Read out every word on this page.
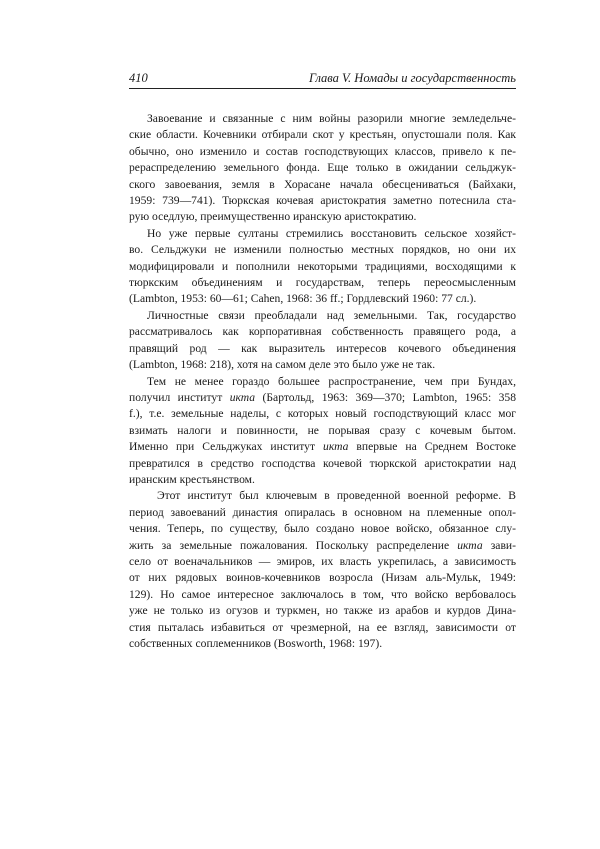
410	Глава V. Номады и государственность
Завоевание и связанные с ним войны разорили многие земледельче-
ские области. Кочевники отбирали скот у крестьян, опустошали поля. Как
обычно, оно изменило и состав господствующих классов, привело к пе-
рераспределению земельного фонда. Еще только в ожидании сельджук-
ского завоевания, земля в Хорасане начала обесцениваться (Байхаки,
1959: 739—741). Тюркская кочевая аристократия заметно потеснила ста-
рую оседлую, преимущественно иранскую аристократию.
Но уже первые султаны стремились восстановить сельское хозяйст-
во. Сельджуки не изменили полностью местных порядков, но они их
модифицировали и пополнили некоторыми традициями, восходящими к
тюркским объединениям и государствам, теперь переосмысленным
(Lambton, 1953: 60—61; Cahen, 1968: 36 ff.; Гордлевский 1960: 77 сл.).
Личностные связи преобладали над земельными. Так, государство
рассматривалось как корпоративная собственность правящего рода, а
правящий род — как выразитель интересов кочевого объединения
(Lambton, 1968: 218), хотя на самом деле это было уже не так.
Тем не менее гораздо большее распространение, чем при Бундах,
получил институт икта (Бартольд, 1963: 369—370; Lambton, 1965: 358
f.), т.е. земельные наделы, с которых новый господствующий класс мог
взимать налоги и повинности, не порывая сразу с кочевым бытом.
Именно при Сельджуках институт икта впервые на Среднем Востоке
превратился в средство господства кочевой тюркской аристократии над
иранским крестьянством.
Этот институт был ключевым в проведенной военной реформе. В
период завоеваний династия опиралась в основном на племенные опол-
чения. Теперь, по существу, было создано новое войско, обязанное слу-
жить за земельные пожалования. Поскольку распределение икта зави-
село от военачальников — эмиров, их власть укрепилась, а зависимость
от них рядовых воинов-кочевников возросла (Низам аль-Мульк, 1949:
129). Но самое интересное заключалось в том, что войско вербовалось
уже не только из огузов и туркмен, но также из арабов и курдов Дина-
стия пыталась избавиться от чрезмерной, на ее взгляд, зависимости от
собственных соплеменников (Bosworth, 1968: 197).
